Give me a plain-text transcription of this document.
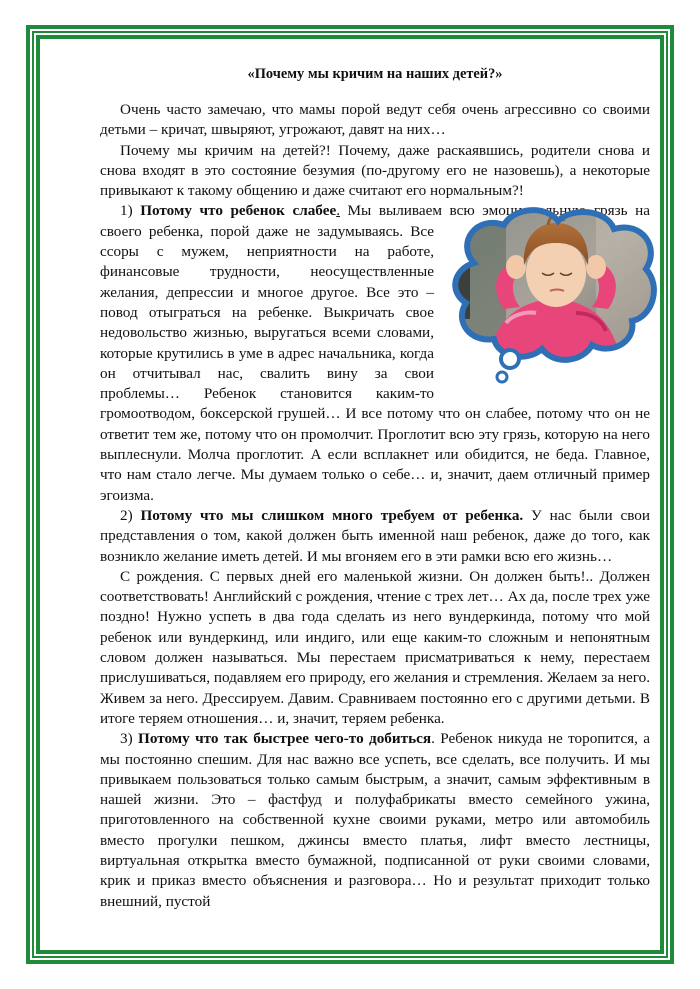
«Почему мы кричим на наших детей?»

Очень часто замечаю, что мамы порой ведут себя очень агрессивно со своими детьми – кричат, швыряют, угрожают, давят на них…

Почему мы кричим на детей?! Почему, даже раскаявшись, родители снова и снова входят в это состояние безумия (по-другому его не назовешь), а некоторые привыкают к такому общению и даже считают его нормальным?!

1) Потому что ребенок слабее.
Мы выливаем всю эмоциональную грязь на своего ребенка, порой даже не задумываясь. Все ссоры с мужем, неприятности на работе, финансовые трудности, неосуществленные желания, депрессии и многое другое. Все это – повод отыграться на ребенке. Выкричать свое недовольство жизнью, выругаться всеми словами, которые крутились в уме в адрес начальника, когда он отчитывал нас, свалить вину за свои проблемы… Ребенок становится каким-то громоотводом, боксерской грушей… И все потому что он слабее, потому что он не ответит тем же, потому что он промолчит. Проглотит всю эту грязь, которую на него выплеснули. Молча проглотит. А если всплакнет или обидится, не беда. Главное, что нам стало легче. Мы думаем только о себе… и, значит, даем отличный пример эгоизма.

2) Потому что мы слишком много требуем от ребенка. У нас были свои представления о том, какой должен быть именной наш ребенок, даже до того, как возникло желание иметь детей. И мы вгоняем его в эти рамки всю его жизнь…

С рождения. С первых дней его маленькой жизни. Он должен быть!.. Должен соответствовать! Английский с рождения, чтение с трех лет… Ах да, после трех уже поздно! Нужно успеть в два года сделать из него вундеркинда, потому что мой ребенок или вундеркинд, или индиго, или еще каким-то сложным и непонятным словом должен называться. Мы перестаем присматриваться к нему, перестаем прислушиваться, подавляем его природу, его желания и стремления. Желаем за него. Живем за него. Дрессируем. Давим. Сравниваем постоянно его с другими детьми. В итоге теряем отношения… и, значит, теряем ребенка.

3) Потому что так быстрее чего-то добиться. Ребенок никуда не торопится, а мы постоянно спешим. Для нас важно все успеть, все сделать, все получить. И мы привыкаем пользоваться только самым быстрым, а значит, самым эффективным в нашей жизни. Это – фастфуд и полуфабрикаты вместо семейного ужина, приготовленного на собственной кухне своими руками, метро или автомобиль вместо прогулки пешком, джинсы вместо платья, лифт вместо лестницы, виртуальная открытка вместо бумажной, подписанной от руки своими словами, крик и приказ вместо объяснения и разговора… Но и результат приходит только внешний, пустой
